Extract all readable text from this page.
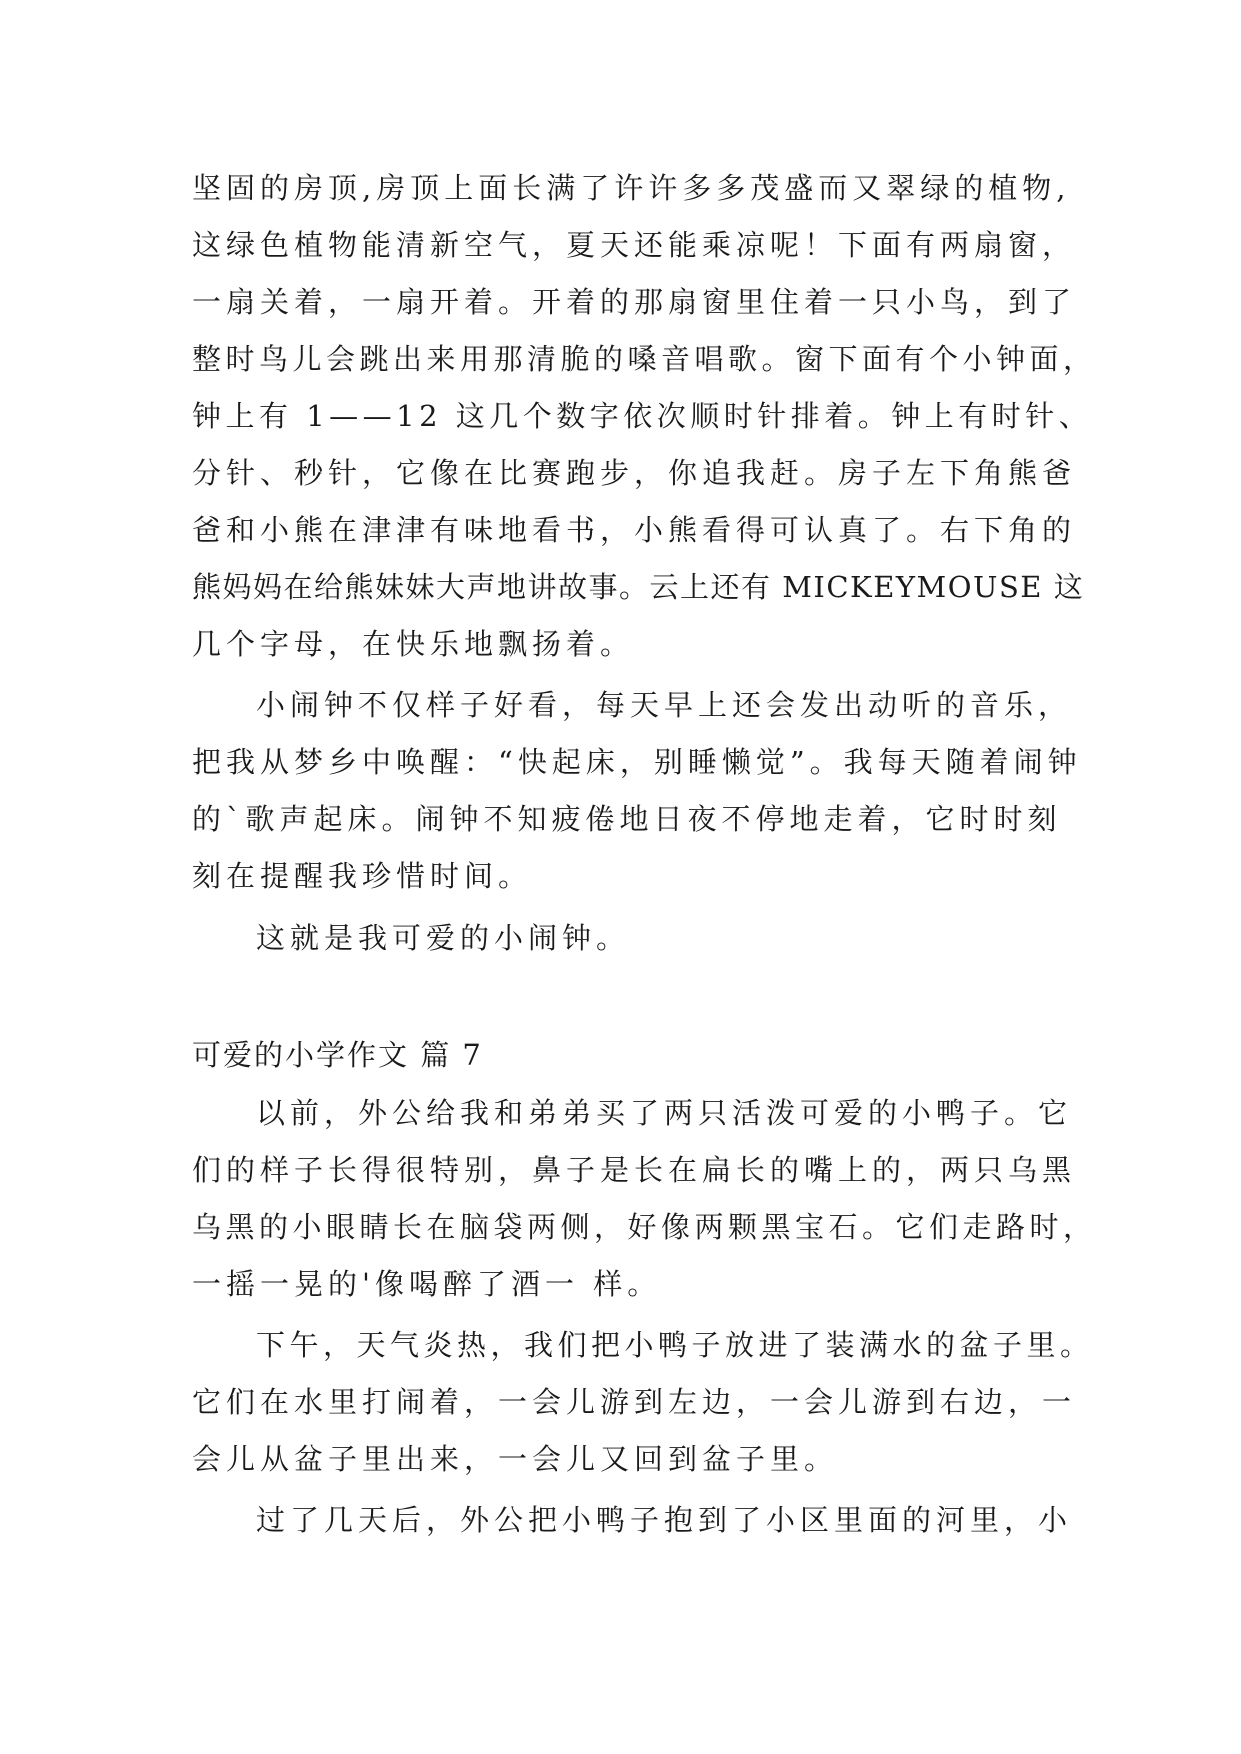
坚固的房顶,房顶上面长满了许许多多茂盛而又翠绿的植物,
这绿色植物能清新空气，夏天还能乘凉呢！下面有两扇窗，
一扇关着，一扇开着。开着的那扇窗里住着一只小鸟，到了
整时鸟儿会跳出来用那清脆的嗓音唱歌。窗下面有个小钟面，
钟上有 1——12 这几个数字依次顺时针排着。钟上有时针、
分针、秒针，它像在比赛跑步，你追我赶。房子左下角熊爸
爸和小熊在津津有味地看书，小熊看得可认真了。右下角的
熊妈妈在给熊妹妹大声地讲故事。云上还有 MICKEYMOUSE 这
几个字母，在快乐地飘扬着。
小闹钟不仅样子好看，每天早上还会发出动听的音乐，
把我从梦乡中唤醒：“快起床，别睡懒觉”。我每天随着闹钟
的`歌声起床。闹钟不知疲倦地日夜不停地走着，它时时刻
刻在提醒我珍惜时间。
这就是我可爱的小闹钟。
可爱的小学作文 篇 7
以前，外公给我和弟弟买了两只活泼可爱的小鸭子。它
们的样子长得很特别，鼻子是长在扁长的嘴上的，两只乌黑
乌黑的小眼睛长在脑袋两侧，好像两颗黑宝石。它们走路时，
一摇一晃的'像喝醉了酒一 样。
下午，天气炎热，我们把小鸭子放进了装满水的盆子里。
它们在水里打闹着，一会儿游到左边，一会儿游到右边，一
会儿从盆子里出来，一会儿又回到盆子里。
过了几天后，外公把小鸭子抱到了小区里面的河里，小
